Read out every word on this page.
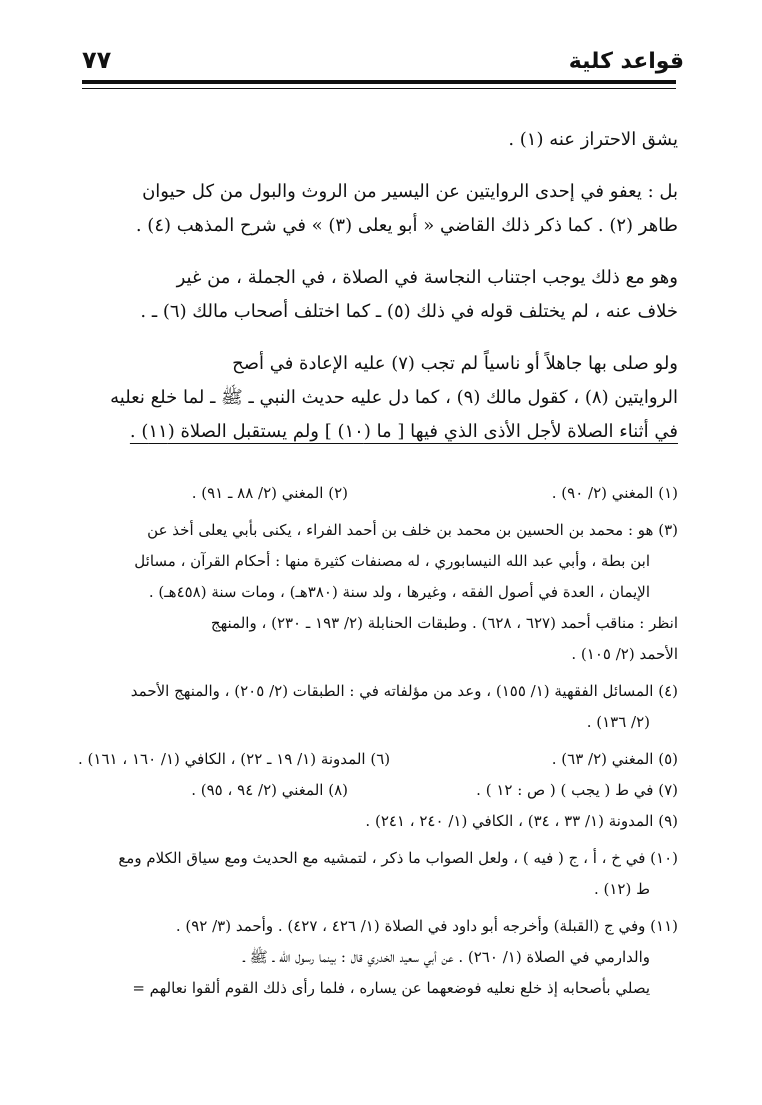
قواعد كلية
٧٧

يشق الاحتراز عنه (١) .

بل : يعفو في إحدى الروايتين عن اليسير من الروث والبول من كل حيوان
طاهر (٢) . كما ذكر ذلك القاضي « أبو يعلى (٣) » في شرح المذهب (٤) .

وهو مع ذلك يوجب اجتناب النجاسة في الصلاة ، في الجملة ، من غير
خلاف عنه ، لم يختلف قوله في ذلك (٥) ـ كما اختلف أصحاب مالك (٦) ـ .

ولو صلى بها جاهلاً أو ناسياً لم تجب (٧) عليه الإعادة في أصح
الروايتين (٨) ، كقول مالك (٩) ، كما دل عليه حديث النبي ـ ﷺ ـ لما خلع نعليه
في أثناء الصلاة لأجل الأذى الذي فيها [ ما (١٠) ] ولم يستقبل الصلاة (١١) .

(١) المغني (٢/ ٩٠) .
(٢) المغني (٢/ ٨٨ ـ ٩١) .
(٣) هو : محمد بن الحسين بن محمد بن خلف بن أحمد الفراء ، يكنى بأبي يعلى أخذ عن
ابن بطة ، وأبي عبد الله النيسابوري ، له مصنفات كثيرة منها : أحكام القرآن ، مسائل
الإيمان ، العدة في أصول الفقه ، وغيرها ، ولد سنة (٣٨٠هـ) ، ومات سنة (٤٥٨هـ) .
انظر : مناقب أحمد (٦٢٧ ، ٦٢٨) . وطبقات الحنابلة (٢/ ١٩٣ ـ ٢٣٠) ، والمنهج
الأحمد (٢/ ١٠٥) .
(٤) المسائل الفقهية (١/ ١٥٥) ، وعد من مؤلفاته في : الطبقات (٢/ ٢٠٥) ، والمنهج الأحمد
(٢/ ١٣٦) .
(٥) المغني (٢/ ٦٣) .
(٦) المدونة (١/ ١٩ ـ ٢٢) ، الكافي (١/ ١٦٠ ، ١٦١) .
(٧) في ط ( يجب ) ( ص : ١٢ ) .
(٨) المغني (٢/ ٩٤ ، ٩٥) .
(٩) المدونة (١/ ٣٣ ، ٣٤) ، الكافي (١/ ٢٤٠ ، ٢٤١) .
(١٠) في خ ، أ ، ج ( فيه ) ، ولعل الصواب ما ذكر ، لتمشيه مع الحديث ومع سياق الكلام ومع
ط (١٢) .
(١١) وفي ج (القبلة) وأخرجه أبو داود في الصلاة (١/ ٤٢٦ ، ٤٢٧) . وأحمد (٣/ ٩٢) .
والدارمي في الصلاة (١/ ٢٦٠) . عن أبي سعيد الخدري قال : بينما رسول الله ـ ﷺ ـ
يصلي بأصحابه إذ خلع نعليه فوضعهما عن يساره ، فلما رأى ذلك القوم ألقوا نعالهم =
